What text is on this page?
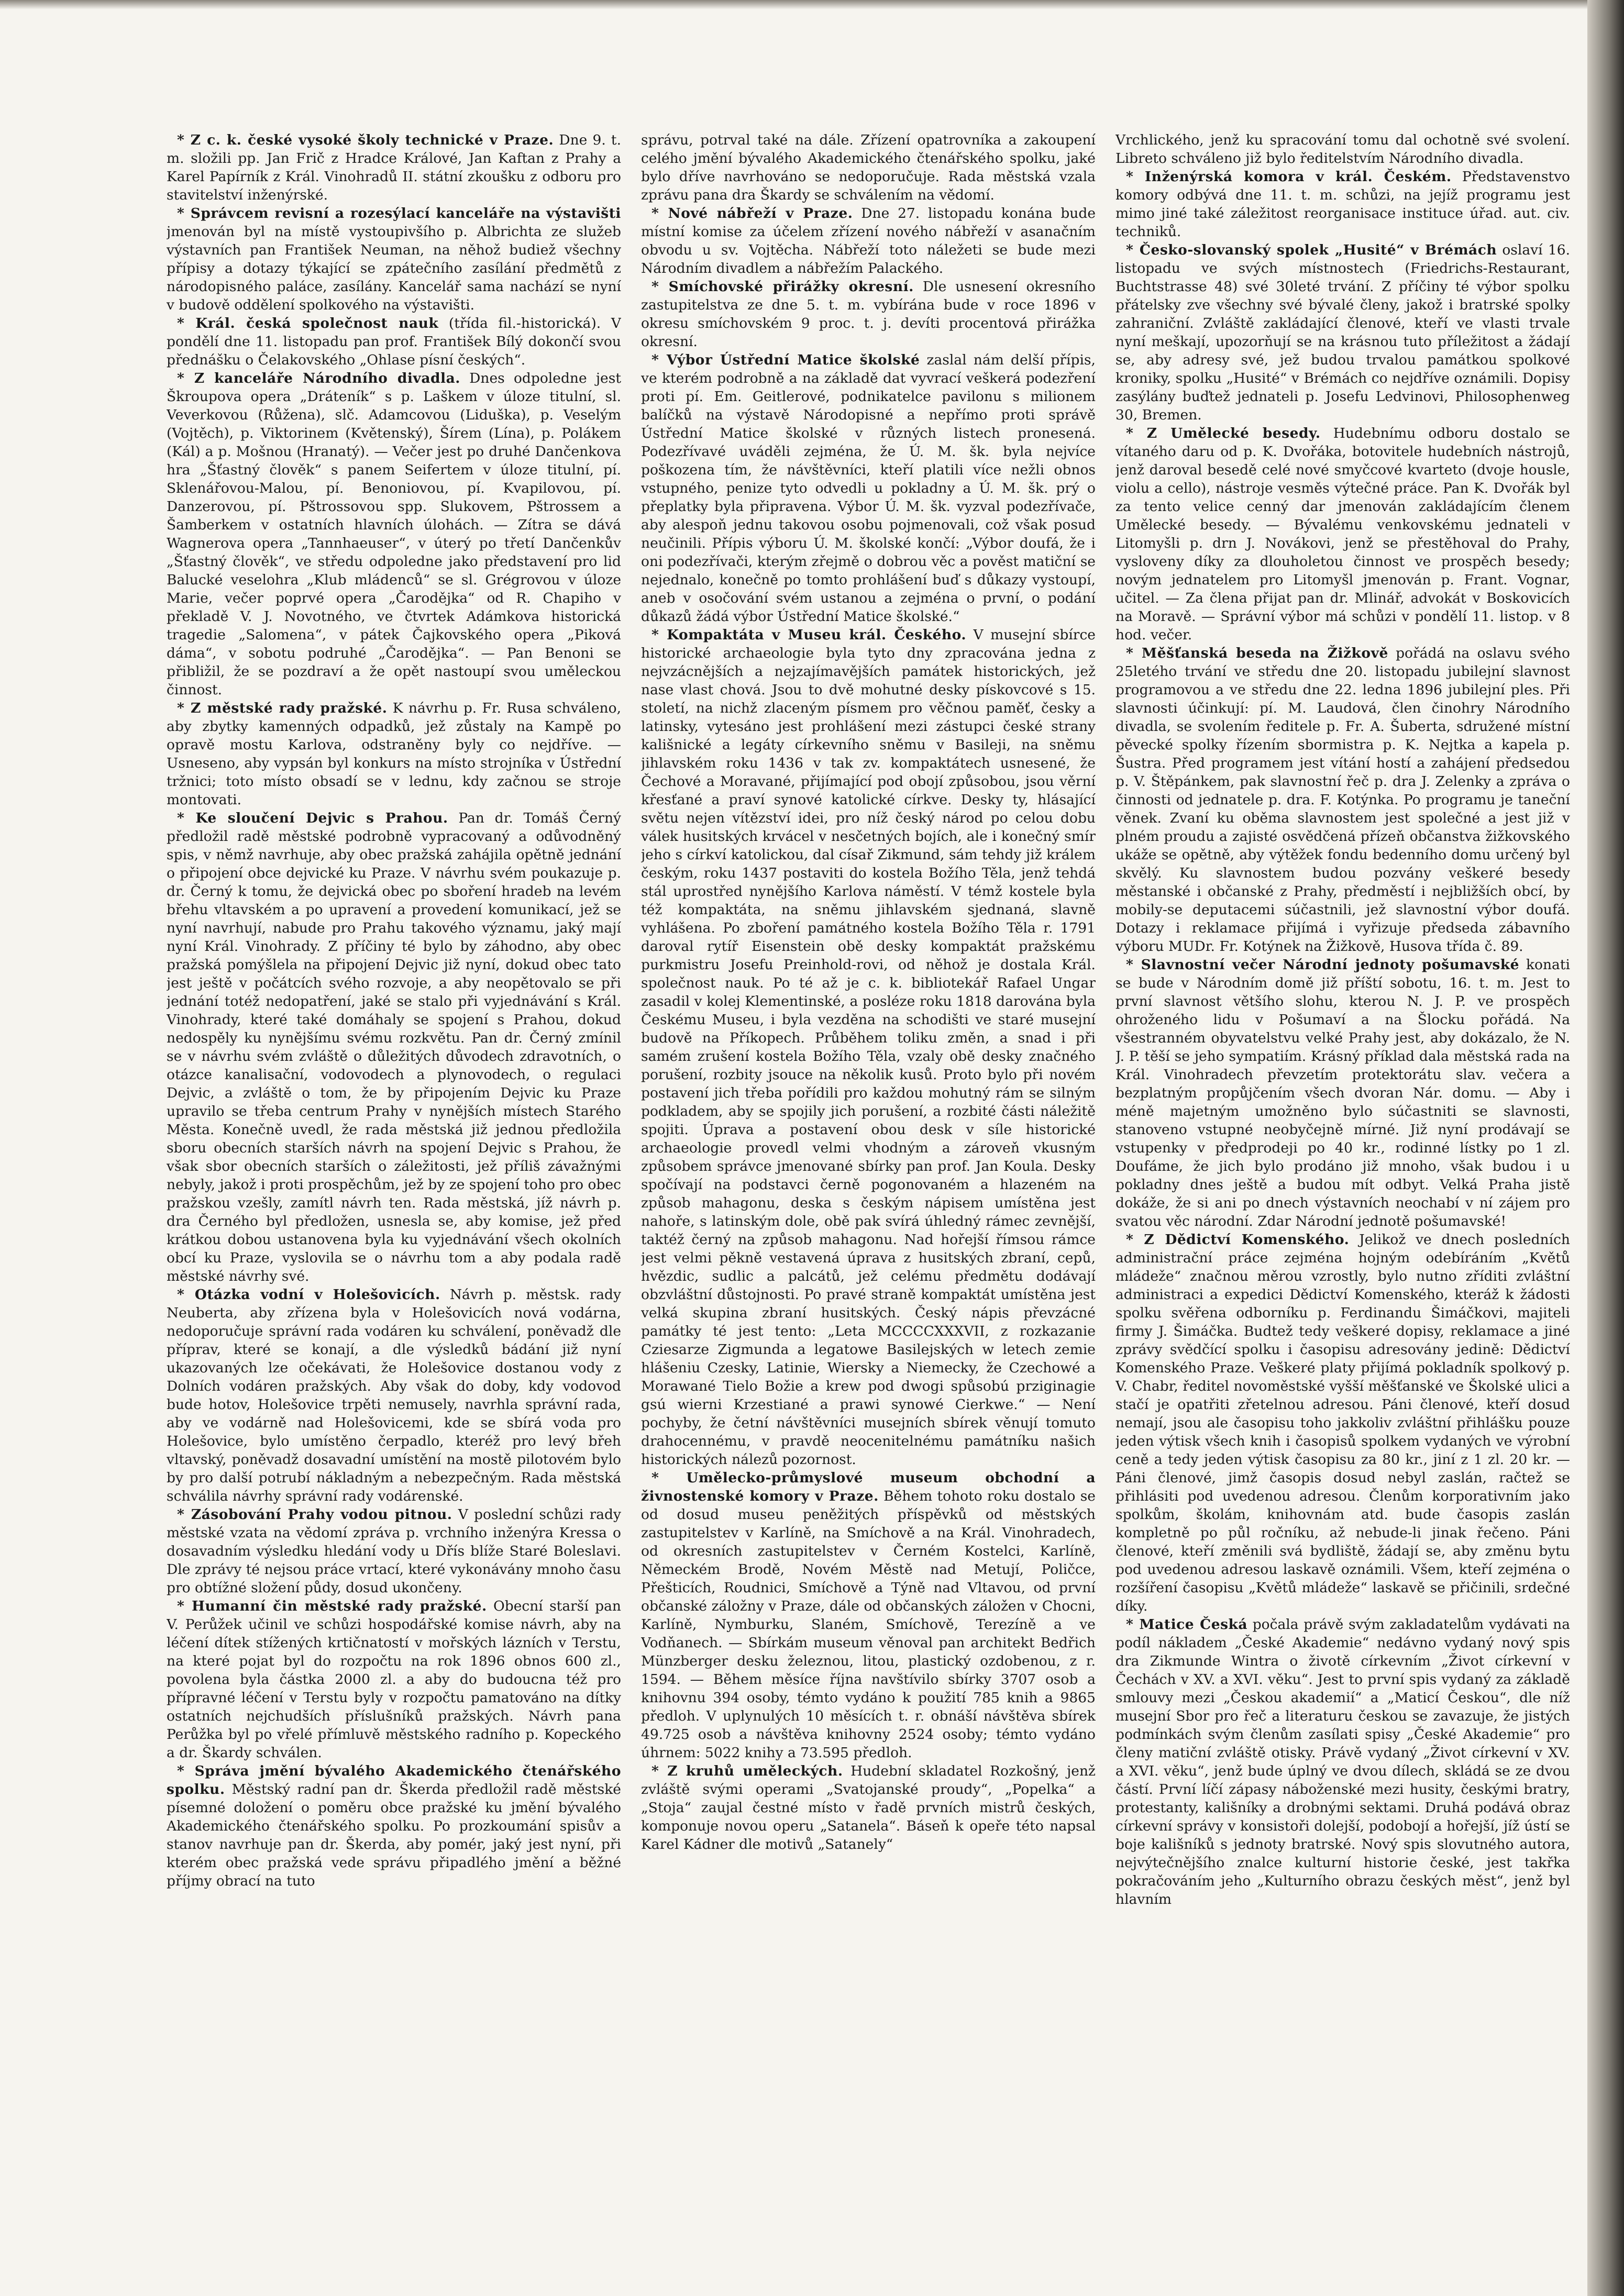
* Z c. k. české vysoké školy technické v Praze. Dne 9. t. m. složili pp. Jan Frič z Hradce Králové, Jan Kaftan z Prahy a Karel Papírník z Král. Vinohradů II. státní zkoušku z odboru pro stavitelství inženýrské.

* Správcem revisní a rozesýlací kanceláře na výstavišti jmenován byl na místě vystoupivšího p. Albrichta ze služeb výstavních pan František Neuman, na něhož budiež všechny přípisy a dotazy týkající se zpátečního zasílání předmětů z národopisného paláce, zasílány. Kancelář sama nachází se nyní v budově oddělení spolkového na výstavišti.

* Král. česká společnost nauk (třída fil.-historická). V pondělí dne 11. listopadu pan prof. František Bílý dokončí svou přednášku o Čelakovského „Ohlase písní českých“.

* Z kanceláře Národního divadla. Dnes odpoledne jest Škroupova opera „Dráteník“ s p. Laškem v úloze titulní, sl. Veverkovou (Růžena), slč. Adamcovou (Liduška), p. Veselým (Vojtěch), p. Viktorinem (Květenský), Šírem (Lína), p. Polákem (Kál) a p. Mošnou (Hranatý). — Večer jest po druhé Dančenkova hra „Šťastný člověk“ s panem Seifertem v úloze titulní, pí. Sklenářovou-Malou, pí. Benoniovou, pí. Kvapilovou, pí. Danzerovou, pí. Pštrossovou spp. Slukovem, Pštrossem a Šamberkem v ostatních hlavních úlohách. — Zítra se dává Wagnerova opera „Tannhaeuser“, v úterý po třetí Dančenkův „Šťastný člověk“, ve středu odpoledne jako představení pro lid Balucké veselohra „Klub mládenců“ se sl. Grégrovou v úloze Marie, večer poprvé opera „Čarodějka“ od R. Chapiho v překladě V. J. Novotného, ve čtvrtek Adámkova historická tragedie „Salomena“, v pátek Čajkovského opera „Piková dáma“, v sobotu podruhé „Čarodějka“. — Pan Benoni se přibližil, že se pozdraví a že opět nastoupí svou uměleckou činnost.

* Z městské rady pražské. K návrhu p. Fr. Rusa schváleno, aby zbytky kamenných odpadků, jež zůstaly na Kampě po opravě mostu Karlova, odstraněny byly co nejdříve. — Usneseno, aby vypsán byl konkurs na místo strojníka v Ústřední tržnici; toto místo obsadí se v lednu, kdy začnou se stroje montovati.

* Ke sloučení Dejvic s Prahou. Pan dr. Tomáš Černý předložil radě městské podrobně vypracovaný a odůvodněný spis, v němž navrhuje, aby obec pražská zahájila opětně jednání o připojení obce dejvické ku Praze. V návrhu svém poukazuje p. dr. Černý k tomu, že dejvická obec po sboření hradeb na levém břehu vltavském a po upravení a provedení komunikací, jež se nyní navrhují, nabude pro Prahu takového významu, jaký mají nyní Král. Vinohrady. Z příčiny té bylo by záhodno, aby obec pražská pomýšlela na připojení Dejvic již nyní, dokud obec tato jest ještě v počátcích svého rozvoje, a aby neopětovalo se při jednání totéž nedopatření, jaké se stalo při vyjednávání s Král. Vinohrady, které také domáhaly se spojení s Prahou, dokud nedospěly ku nynějšímu svému rozkvětu. Pan dr. Černý zmínil se v návrhu svém zvláště o důležitých důvodech zdravotních, o otázce kanalisační, vodovodech a plynovodech, o regulaci Dejvic, a zvláště o tom, že by připojením Dejvic ku Praze upravilo se třeba centrum Prahy v nynějších místech Starého Města. Konečně uvedl, že rada městská již jednou předložila sboru obecních starších návrh na spojení Dejvic s Prahou, že však sbor obecních starších o záležitosti, jež příliš závažnými nebyly, jakož i proti prospěchům, jež by ze spojení toho pro obec pražskou vzešly, zamítl návrh ten. Rada městská, jíž návrh p. dra Černého byl předložen, usnesla se, aby komise, jež před krátkou dobou ustanovena byla ku vyjednávání všech okolních obcí ku Praze, vyslovila se o návrhu tom a aby podala radě městské návrhy své.

* Otázka vodní v Holešovicích. Návrh p. městsk. rady Neuberta, aby zřízena byla v Holešovicích nová vodárna, nedoporučuje správní rada vodáren ku schválení, poněvadž dle příprav, které se konají, a dle výsledků bádání již nyní ukazovaných lze očekávati, že Holešovice dostanou vody z Dolních vodáren pražských. Aby však do doby, kdy vodovod bude hotov, Holešovice trpěti nemusely, navrhla správní rada, aby ve vodárně nad Holešovicemi, kde se sbírá voda pro Holešovice, bylo umístěno čerpadlo, kteréž pro levý břeh vltavský, poněvadž dosavadní umístění na mostě pilotovém bylo by pro další potrubí nákladným a nebezpečným. Rada městská schválila návrhy správní rady vodárenské.

* Zásobování Prahy vodou pitnou. V poslední schůzi rady městské vzata na vědomí zpráva p. vrchního inženýra Kressa o dosavadním výsledku hledání vody u Dřís blíže Staré Boleslavi. Dle zprávy té nejsou práce vrtací, které vykonávány mnoho času pro obtížné složení půdy, dosud ukončeny.

* Humanní čin městské rady pražské. Obecní starší pan V. Perůžek učinil ve schůzi hospodářské komise návrh, aby na léčení dítek stížených krtičnatostí v mořských lázních v Terstu, na které pojat byl do rozpočtu na rok 1896 obnos 600 zl., povolena byla částka 2000 zl. a aby do budoucna též pro přípravné léčení v Terstu byly v rozpočtu pamatováno na dítky ostatních nejchudších příslušníků pražských. Návrh pana Perůžka byl po vřelé přímluvě městského radního p. Kopeckého a dr. Škardy schválen.

* Správa jmění bývalého Akademického čtenářského spolku. Městský radní pan dr. Škerda předložil radě městské písemné doložení o poměru obce pražské ku jmění bývalého Akademického čtenářského spolku. Po prozkoumání spisův a stanov navrhuje pan dr. Škerda, aby pomér, jaký jest nyní, při kterém obec pražská vede správu připadlého jmění a běžné příjmy obrací na tuto

správu, potrval také na dále. Zřízení opatrovníka a zakoupení celého jmění bývalého Akademického čtenářského spolku, jaké bylo dříve navrhováno se nedoporučuje. Rada městská vzala zprávu pana dra Škardy se schválením na vědomí.

* Nové nábřeží v Praze. Dne 27. listopadu konána bude místní komise za účelem zřízení nového nábřeží v asanačním obvodu u sv. Vojtěcha. Nábřeží toto náležeti se bude mezi Národním divadlem a nábřežím Palackého.

* Smíchovské přirážky okresní. Dle usnesení okresního zastupitelstva ze dne 5. t. m. vybírána bude v roce 1896 v okresu smíchovském 9 proc. t. j. devíti procentová přirážka okresní.

* Výbor Ústřední Matice školské zaslal nám delší přípis, ve kterém podrobně a na základě dat vyvrací veškerá podezření proti pí. Em. Geitlerové, podnikatelce pavilonu s milionem balíčků na výstavě Národopisné a nepřímo proti správě Ústřední Matice školské v různých listech pronesená. Podezřívavé uváděli zejména, že Ú. M. šk. byla nejvíce poškozena tím, že návštěvníci, kteří platili více nežli obnos vstupného, penize tyto odvedli u pokladny a Ú. M. šk. prý o přeplatky byla připravena. Výbor Ú. M. šk. vyzval podezřívače, aby alespoň jednu takovou osobu pojmenovali, což však posud neučinili. Přípis výboru Ú. M. školské končí: „Výbor doufá, že i oni podezřívači, kterým zřejmě o dobrou věc a pověst matiční se nejednalo, konečně po tomto prohlášení buď s důkazy vystoupí, aneb v osočování svém ustanou a zejména o první, o podání důkazů žádá výbor Ústřední Matice školské.“

* Kompaktáta v Museu král. Českého. V musejní sbírce historické archaeologie byla tyto dny zpracována jedna z nejvzácnějších a nejzajímavějších památek historických, jež nase vlast chová. Jsou to dvě mohutné desky pískovcové s 15. století, na nichž zlaceným písmem pro věčnou paměť, česky a latinsky, vytesáno jest prohlášení mezi zástupci české strany kališnické a legáty církevního sněmu v Basileji, na sněmu jihlavském roku 1436 v tak zv. kompaktátech usnesené, že Čechové a Moravané, přijímající pod obojí způsobou, jsou věrní křesťané a praví synové katolické církve. Desky ty, hlásající světu nejen vítězství idei, pro níž český národ po celou dobu válek husitských krvácel v nesčetných bojích, ale i konečný smír jeho s církví katolickou, dal císař Zikmund, sám tehdy již králem českým, roku 1437 postaviti do kostela Božího Těla, jenž tehdá stál uprostřed nynějšího Karlova náměstí. V témž kostele byla též kompaktáta, na sněmu jihlavském sjednaná, slavně vyhlášena. Po zboření památného kostela Božího Těla r. 1791 daroval rytíř Eisenstein obě desky kompaktát pražskému purkmistru Josefu Preinhold-rovi, od něhož je dostala Král. společnost nauk. Po té až je c. k. bibliotekář Rafael Ungar zasadil v kolej Klementinské, a posléze roku 1818 darována byla Českému Museu, i byla vezděna na schodišti ve staré musejní budově na Příkopech. Průběhem toliku změn, a snad i při samém zrušení kostela Božího Těla, vzaly obě desky značného porušení, rozbity jsouce na několik kusů. Proto bylo při novém postavení jich třeba pořídili pro každou mohutný rám se silným podkladem, aby se spojily jich porušení, a rozbité části náležitě spojiti. Úprava a postavení obou desk v síle historické archaeologie provedl velmi vhodným a zároveň vkusným způsobem správce jmenované sbírky pan prof. Jan Koula. Desky spočívají na podstavci černě pogonovaném a hlazeném na způsob mahagonu, deska s českým nápisem umístěna jest nahoře, s latinským dole, obě pak svírá úhledný rámec zevnější, taktéž černý na způsob mahagonu. Nad hořejší římsou rámce jest velmi pěkně vestavená úprava z husitských zbraní, cepů, hvězdic, sudlic a palcátů, jež celému předmětu dodávají obzvláštní důstojnosti. Po pravé straně kompaktát umístěna jest velká skupina zbraní husitských. Český nápis převzácné památky té jest tento: „Leta MCCCCXXXVII, z rozkazanie Cziesarze Zigmunda a legatowe Basilejských w letech zemie hlášeniu Czesky, Latinie, Wiersky a Niemecky, že Czechowé a Morawané Tielo Božie a krew pod dwogi spůsobú prziginagie gsú wierni Krzestiané a prawi synowé Cierkwe.“ — Není pochyby, že četní návštěvníci musejních sbírek věnují tomuto drahocennému, v pravdě neocenitelnému památníku našich historických nálezů pozornost.

* Umělecko-průmyslové museum obchodní a živnostenské komory v Praze. Během tohoto roku dostalo se od dosud museu peněžitých příspěvků od městských zastupitelstev v Karlíně, na Smíchově a na Král. Vinohradech, od okresních zastupitelstev v Černém Kostelci, Karlíně, Německém Brodě, Novém Městě nad Metují, Poličce, Přešticích, Roudnici, Smíchově a Týně nad Vltavou, od první občanské záložny v Praze, dále od občanských záložen v Chocni, Karlíně, Nymburku, Slaném, Smíchově, Terezíně a ve Vodňanech. — Sbírkám museum věnoval pan architekt Bedřich Münzberger desku železnou, litou, plastický ozdobenou, z r. 1594. — Během měsíce října navštívilo sbírky 3707 osob a knihovnu 394 osoby, témto vydáno k použití 785 knih a 9865 předloh. V uplynulých 10 měsících t. r. obnáší návštěva sbírek 49.725 osob a návštěva knihovny 2524 osoby; témto vydáno úhrnem: 5022 knihy a 73.595 předloh.

* Z kruhů uměleckých. Hudební skladatel Rozkošný, jenž zvláště svými operami „Svatojanské proudy“, „Popelka“ a „Stoja“ zaujal čestné místo v řadě prvních mistrů českých, komponuje novou operu „Satanela“. Báseň k opeře této napsal Karel Kádner dle motivů „Satanely“

Vrchlického, jenž ku spracování tomu dal ochotně své svolení. Libreto schváleno již bylo ředitelstvím Národního divadla.

* Inženýrská komora v král. Českém. Představenstvo komory odbývá dne 11. t. m. schůzi, na jejíž programu jest mimo jiné také záležitost reorganisace instituce úřad. aut. civ. techniků.

* Česko-slovanský spolek „Husité“ v Brémách oslaví 16. listopadu ve svých místnostech (Friedrichs-Restaurant, Buchtstrasse 48) své 30leté trvání. Z příčiny té výbor spolku přátelsky zve všechny své bývalé členy, jakož i bratrské spolky zahraniční. Zvláště zakládající členové, kteří ve vlasti trvale nyní meškají, upozorňují se na krásnou tuto příležitost a žádají se, aby adresy své, jež budou trvalou památkou spolkové kroniky, spolku „Husité“ v Brémách co nejdříve oznámili. Dopisy zasýlány buďtež jednateli p. Josefu Ledvinovi, Philosophenweg 30, Bremen.

* Z Umělecké besedy. Hudebnímu odboru dostalo se vítaného daru od p. K. Dvořáka, botovitele hudebních nástrojů, jenž daroval besedě celé nové smyčcové kvarteto (dvoje housle, violu a cello), nástroje vesměs výtečné práce. Pan K. Dvořák byl za tento velice cenný dar jmenován zakládajícím členem Umělecké besedy. — Bývalému venkovskému jednateli v Litomyšli p. drn J. Novákovi, jenž se přestěhoval do Prahy, vysloveny díky za dlouholetou činnost ve prospěch besedy; novým jednatelem pro Litomyšl jmenován p. Frant. Vognar, učitel. — Za člena přijat pan dr. Mlinář, advokát v Boskovicích na Moravě. — Správní výbor má schůzi v pondělí 11. listop. v 8 hod. večer.

* Měšťanská beseda na Žižkově pořádá na oslavu svého 25letého trvání ve středu dne 20. listopadu jubilejní slavnost programovou a ve středu dne 22. ledna 1896 jubilejní ples. Při slavnosti účinkují: pí. M. Laudová, člen činohry Národního divadla, se svolením ředitele p. Fr. A. Šuberta, sdružené místní pěvecké spolky řízením sbormistra p. K. Nejtka a kapela p. Šustra. Před programem jest vítání hostí a zahájení předsedou p. V. Štěpánkem, pak slavnostní řeč p. dra J. Zelenky a zpráva o činnosti od jednatele p. dra. F. Kotýnka. Po programu je taneční věnek. Zvaní ku oběma slavnostem jest společné a jest již v plném proudu a zajisté osvědčená přízeň občanstva žižkovského ukáže se opětně, aby výtěžek fondu bedenního domu určený byl skvělý. Ku slavnostem budou pozvány veškeré besedy městanské i občanské z Prahy, předměstí i nejbližších obcí, by mobily-se deputacemi súčastnili, jež slavnostní výbor doufá. Dotazy i reklamace přijímá i vyřizuje předseda zábavního výboru MUDr. Fr. Kotýnek na Žižkově, Husova třída č. 89.

* Slavnostní večer Národní jednoty pošumavské konati se bude v Národním domě již příští sobotu, 16. t. m. Jest to první slavnost většího slohu, kterou N. J. P. ve prospěch ohroženého lidu v Pošumaví a na Šlocku pořádá. Na všestranném obyvatelstvu velké Prahy jest, aby dokázalo, že N. J. P. těší se jeho sympatiím. Krásný příklad dala městská rada na Král. Vinohradech převzetím protektorátu slav. večera a bezplatným propůjčením všech dvoran Nár. domu. — Aby i méně majetným umožněno bylo súčastniti se slavnosti, stanoveno vstupné neobyčejně mírné. Již nyní prodávají se vstupenky v předprodeji po 40 kr., rodinné lístky po 1 zl. Doufáme, že jich bylo prodáno již mnoho, však budou i u pokladny dnes ještě a budou mít odbyt. Velká Praha jistě dokáže, že si ani po dnech výstavních neochabí v ní zájem pro svatou věc národní. Zdar Národní jednotě pošumavské!

* Z Dědictví Komenského. Jelikož ve dnech posledních administrační práce zejména hojným odebíráním „Květů mládeže“ značnou měrou vzrostly, bylo nutno zříditi zvláštní administraci a expedici Dědictví Komenského, kteráž k žádosti spolku svěřena odborníku p. Ferdinandu Šimáčkovi, majiteli firmy J. Šimáčka. Budtež tedy veškeré dopisy, reklamace a jiné zprávy svědčící spolku i časopisu adresovány jedině: Dědictví Komenského Praze. Veškeré platy přijímá pokladník spolkový p. V. Chabr, ředitel novoměstské vyšší měšťanské ve Školské ulici a stačí je opatřiti zřetelnou adresou. Páni členové, kteří dosud nemají, jsou ale časopisu toho jakkoliv zvláštní přihlášku pouze jeden výtisk všech knih i časopisů spolkem vydaných ve výrobní ceně a tedy jeden výtisk časopisu za 80 kr., jiní z 1 zl. 20 kr. — Páni členové, jimž časopis dosud nebyl zaslán, račtež se přihlásiti pod uvedenou adresou. Členům korporativním jako spolkům, školám, knihovnám atd. bude časopis zaslán kompletně po půl ročníku, až nebude-li jinak řečeno. Páni členové, kteří změnili svá bydliště, žádají se, aby změnu bytu pod uvedenou adresou laskavě oznámili. Všem, kteří zejména o rozšíření časopisu „Květů mládeže“ laskavě se přičinili, srdečné díky.

* Matice Česká počala právě svým zakladatelům vydávati na podíl nákladem „České Akademie“ nedávno vydaný nový spis dra Zikmunde Wintra o životě církevním „Život církevní v Čechách v XV. a XVI. věku“. Jest to první spis vydaný za základě smlouvy mezi „Českou akademií“ a „Maticí Českou“, dle níž musejní Sbor pro řeč a literaturu českou se zavazuje, že jistých podmínkách svým členům zasílati spisy „České Akademie“ pro členy matiční zvláště otisky. Právě vydaný „Život církevní v XV. a XVI. věku“, jenž bude úplný ve dvou dílech, skládá se ze dvou částí. První líčí zápasy náboženské mezi husity, českými bratry, protestanty, kališníky a drobnými sektami. Druhá podává obraz církevní správy v konsistoři dolejší, podobojí a hořejší, jíž ústí se boje kališníků s jednoty bratrské. Nový spis slovutného autora, nejvýtečnějšího znalce kulturní historie české, jest takřka pokračováním jeho „Kulturního obrazu českých měst“, jenž byl hlavním
